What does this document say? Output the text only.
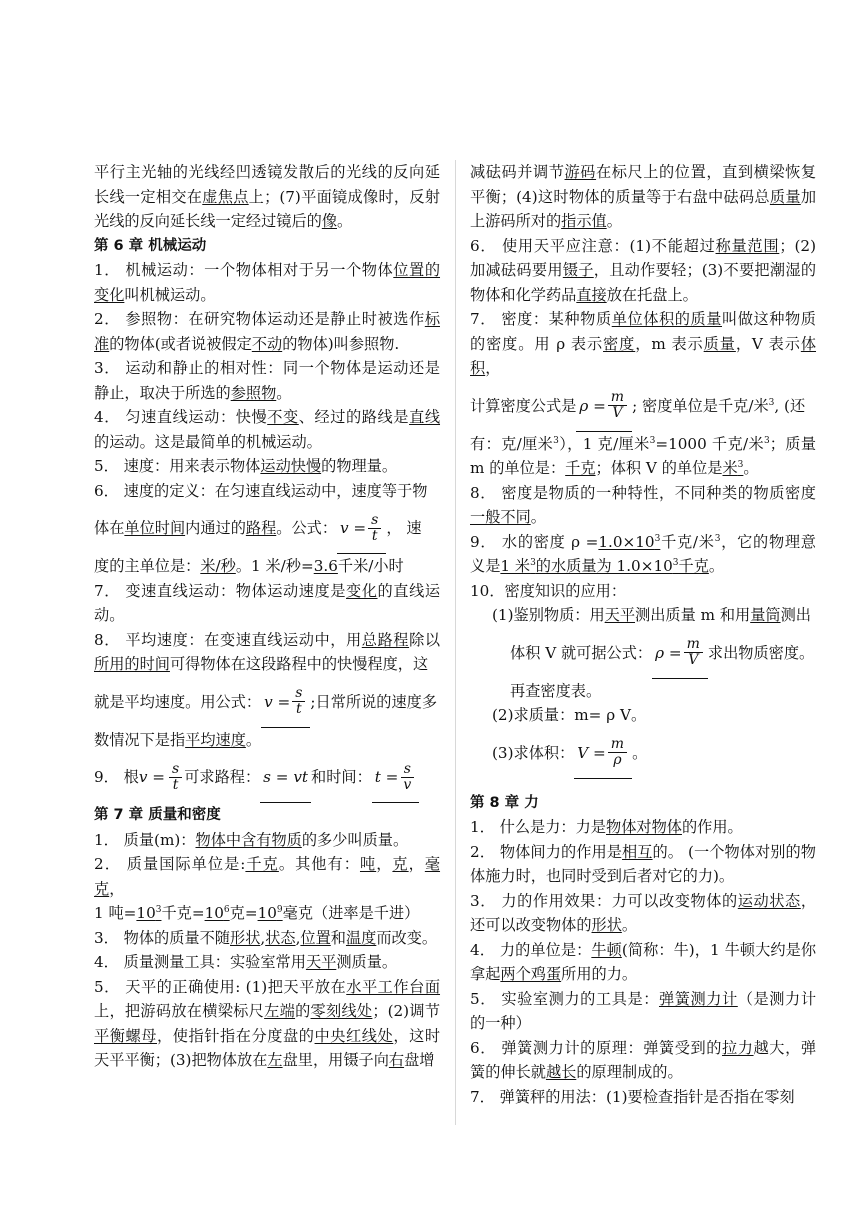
平行主光轴的光线经凹透镜发散后的光线的反向延长线一定相交在虚焦点上；(7)平面镜成像时，反射光线的反向延长线一定经过镜后的像。

第 6 章 机械运动

1． 机械运动：一个物体相对于另一个物体位置的变化叫机械运动。

2． 参照物：在研究物体运动还是静止时被选作标准的物体(或者说被假定不动的物体)叫参照物.

3． 运动和静止的相对性：同一个物体是运动还是静止，取决于所选的参照物。

4． 匀速直线运动：快慢不变、经过的路线是直线的运动。这是最简单的机械运动。

5． 速度：用来表示物体运动快慢的物理量。

6． 速度的定义：在匀速直线运动中，速度等于物

体在单位时间内通过的路程。公式： $v = \frac{s}{t}$ ， 速

度的主单位是：米/秒。1 米/秒=3.6千米/小时

7． 变速直线运动：物体运动速度是变化的直线运动。

8． 平均速度：在变速直线运动中，用总路程除以所用的时间可得物体在这段路程中的快慢程度，这

就是平均速度。用公式： $v = \frac{s}{t}$ ;日常所说的速度多

数情况下是指平均速度。

9． 根 $v = \frac{s}{t}$ 可求路程： s = vt 和时间： $t = \frac{s}{v}$

第 7 章 质量和密度

1． 质量(m)：物体中含有物质的多少叫质量。

2． 质量国际单位是:千克。其他有：吨，克，毫克，
1 吨$=10^3$千克$=10^6$克$=10^9$毫克（进率是千进）

3． 物体的质量不随形状,状态,位置和温度而改变。

4． 质量测量工具：实验室常用天平测质量。

5． 天平的正确使用: (1)把天平放在水平工作台面上，把游码放在横梁标尺左端的零刻线处；(2)调节平衡螺母，使指针指在分度盘的中央红线处，这时天平平衡；(3)把物体放在左盘里，用镊子向右盘增

减砝码并调节游码在标尺上的位置，直到横梁恢复平衡；(4)这时物体的质量等于右盘中砝码总质量加上游码所对的指示值。

6． 使用天平应注意：(1)不能超过称量范围；(2)加减砝码要用镊子，且动作要轻；(3)不要把潮湿的物体和化学药品直接放在托盘上。

7． 密度：某种物质单位体积的质量叫做这种物质的密度。用 ρ 表示密度，m 表示质量，V 表示体积，

计算密度公式是 $\rho = \frac{m}{V}$ ; 密度单位是千克/米$^3$, (还

有：克/厘米$^3$），1 克/厘米$^3$=1000 千克/米$^3$；质量 m 的单位是：千克；体积 V 的单位是米$^3$。

8． 密度是物质的一种特性，不同种类的物质密度一般不同。

9． 水的密度 $\rho =1.0\times 10^3$千克/米$^3$，它的物理意义是1 米$^3$的水质量为 $1.0\times 10^3$千克。

10．密度知识的应用：

(1)鉴别物质：用天平测出质量 m 和用量筒测出

体积 V 就可据公式： $\rho = \frac{m}{V}$ 求出物质密度。

再查密度表。

(2)求质量：m= ρ V。

(3)求体积： $V = \frac{m}{\rho}$ 。

第 8 章 力

1． 什么是力：力是物体对物体的作用。

2． 物体间力的作用是相互的。 (一个物体对别的物体施力时，也同时受到后者对它的力)。

3． 力的作用效果：力可以改变物体的运动状态，还可以改变物体的形状。

4． 力的单位是：牛顿(简称：牛)，1 牛顿大约是你拿起两个鸡蛋所用的力。

5． 实验室测力的工具是：弹簧测力计（是测力计的一种）

6． 弹簧测力计的原理：弹簧受到的拉力越大，弹簧的伸长就越长的原理制成的。

7． 弹簧秤的用法：(1)要检查指针是否指在零刻
